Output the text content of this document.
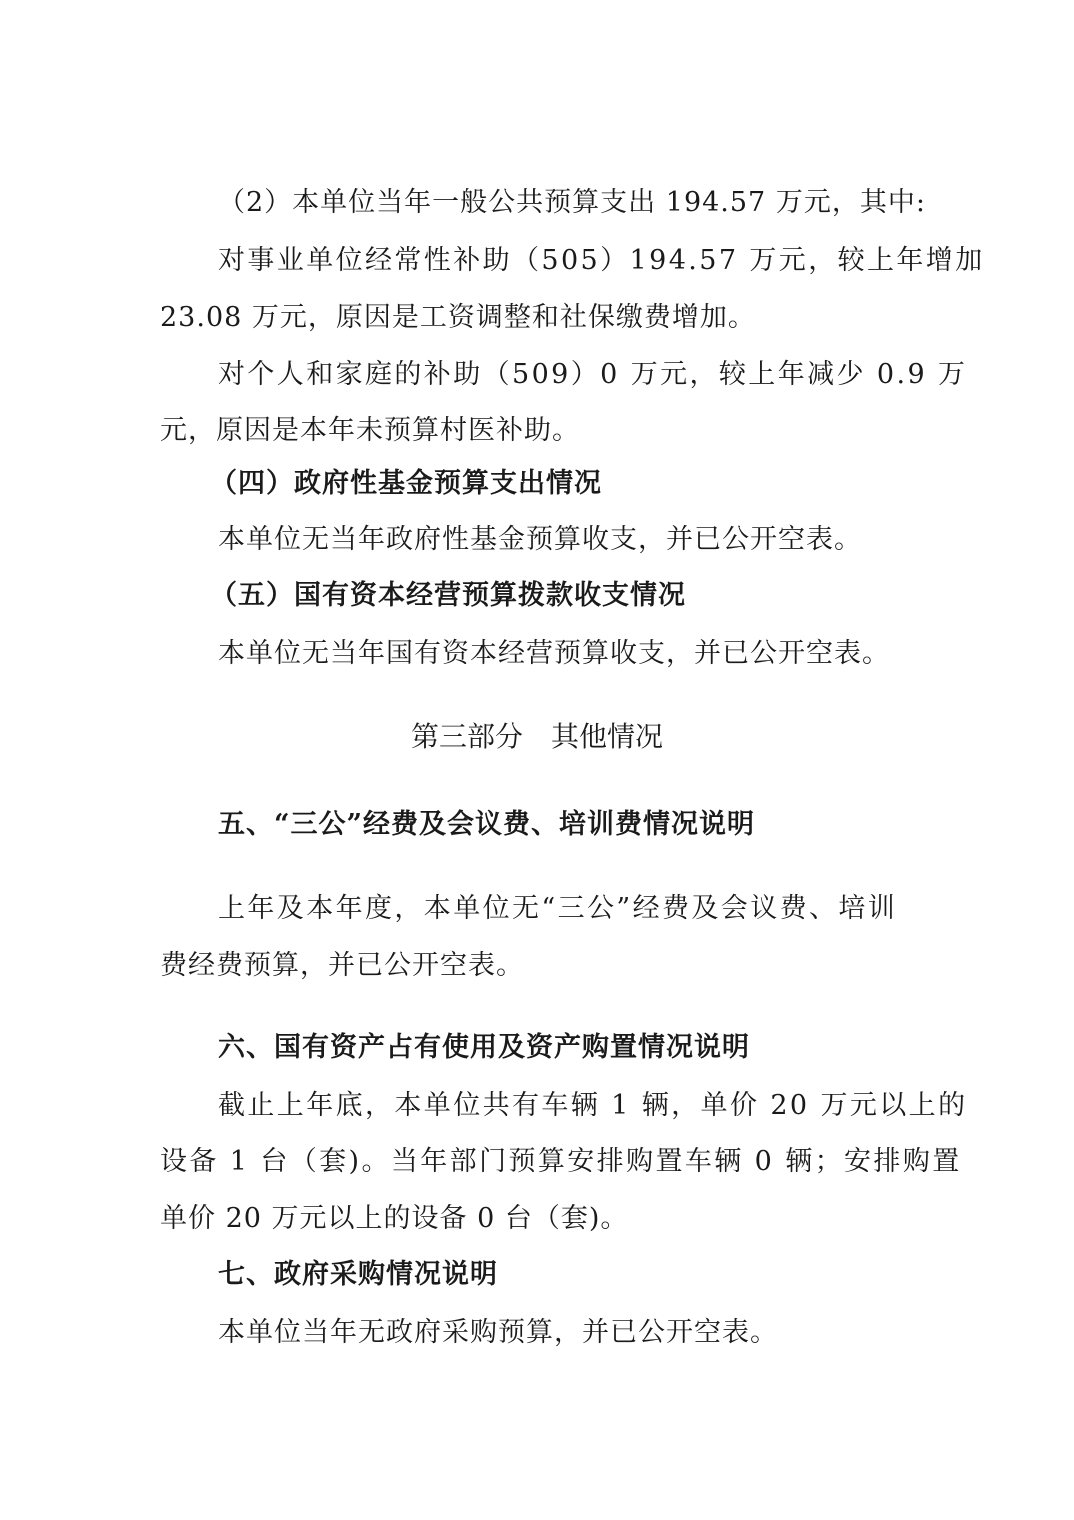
（2）本单位当年一般公共预算支出 194.57 万元，其中:
对事业单位经常性补助（505）194.57 万元，较上年增加
23.08 万元，原因是工资调整和社保缴费增加。
对个人和家庭的补助（509）0 万元，较上年减少 0.9 万
元，原因是本年未预算村医补助。
（四）政府性基金预算支出情况
本单位无当年政府性基金预算收支，并已公开空表。
（五）国有资本经营预算拨款收支情况
本单位无当年国有资本经营预算收支，并已公开空表。
第三部分　其他情况
五、“三公”经费及会议费、培训费情况说明
上年及本年度，本单位无“三公”经费及会议费、培训
费经费预算，并已公开空表。
六、国有资产占有使用及资产购置情况说明
截止上年底，本单位共有车辆 1 辆，单价 20 万元以上的
设备 1 台（套)。当年部门预算安排购置车辆 0 辆；安排购置
单价 20 万元以上的设备 0 台（套)。
七、政府采购情况说明
本单位当年无政府采购预算，并已公开空表。
